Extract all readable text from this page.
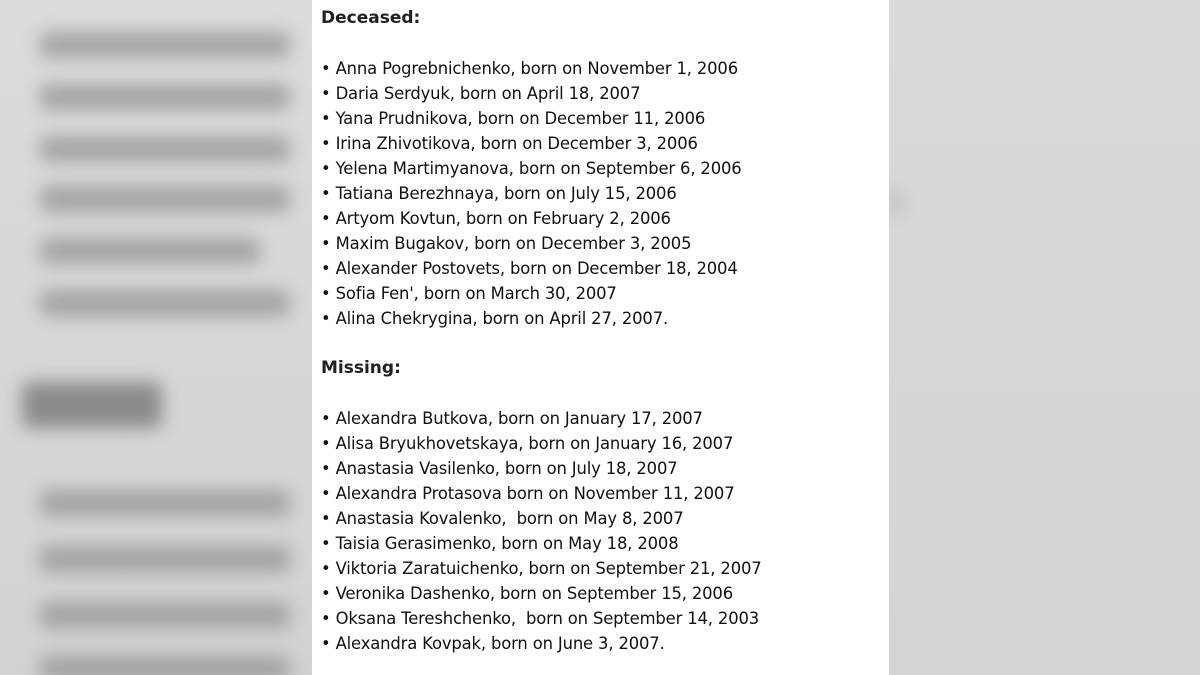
Deceased:
• Anna Pogrebnichenko, born on November 1, 2006
• Daria Serdyuk, born on April 18, 2007
• Yana Prudnikova, born on December 11, 2006
• Irina Zhivotikova, born on December 3, 2006
• Yelena Martimyanova, born on September 6, 2006
• Tatiana Berezhnaya, born on July 15, 2006
• Artyom Kovtun, born on February 2, 2006
• Maxim Bugakov, born on December 3, 2005
• Alexander Postovets, born on December 18, 2004
• Sofia Fen', born on March 30, 2007
• Alina Chekrygina, born on April 27, 2007.
Missing:
• Alexandra Butkova, born on January 17, 2007
• Alisa Bryukhovetskaya, born on January 16, 2007
• Anastasia Vasilenko, born on July 18, 2007
• Alexandra Protasova born on November 11, 2007
• Anastasia Kovalenko,  born on May 8, 2007
• Taisia Gerasimenko, born on May 18, 2008
• Viktoria Zaratuichenko, born on September 21, 2007
• Veronika Dashenko, born on September 15, 2006
• Oksana Tereshchenko,  born on September 14, 2003
• Alexandra Kovpak, born on June 3, 2007.
